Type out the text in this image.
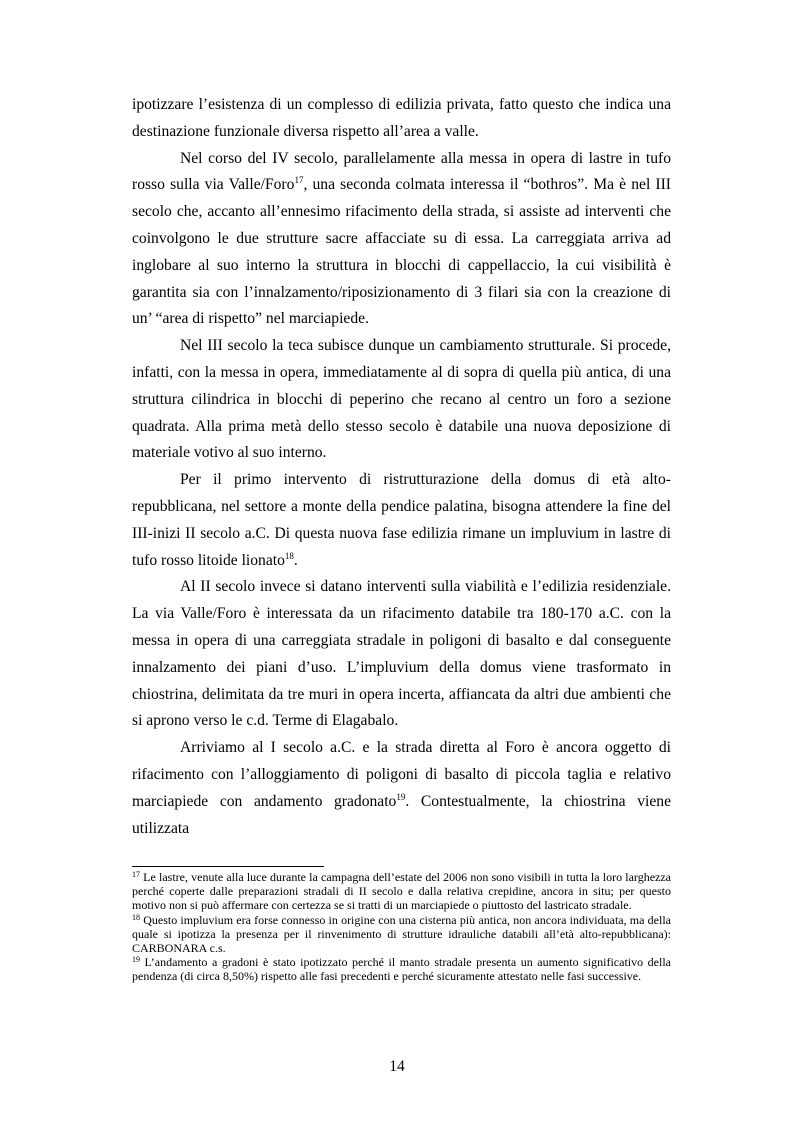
ipotizzare l’esistenza di un complesso di edilizia privata, fatto questo che indica una destinazione funzionale diversa rispetto all’area a valle.

Nel corso del IV secolo, parallelamente alla messa in opera di lastre in tufo rosso sulla via Valle/Foro$^{17}$, una seconda colmata interessa il “bothros”. Ma è nel III secolo che, accanto all’ennesimo rifacimento della strada, si assiste ad interventi che coinvolgono le due strutture sacre affacciate su di essa. La carreggiata arriva ad inglobare al suo interno la struttura in blocchi di cappellaccio, la cui visibilità è garantita sia con l’innalzamento/riposizionamento di 3 filari sia con la creazione di un’ “area di rispetto” nel marciapiede.

Nel III secolo la teca subisce dunque un cambiamento strutturale. Si procede, infatti, con la messa in opera, immediatamente al di sopra di quella più antica, di una struttura cilindrica in blocchi di peperino che recano al centro un foro a sezione quadrata. Alla prima metà dello stesso secolo è databile una nuova deposizione di materiale votivo al suo interno.

Per il primo intervento di ristrutturazione della domus di età alto-repubblicana, nel settore a monte della pendice palatina, bisogna attendere la fine del III-inizi II secolo a.C. Di questa nuova fase edilizia rimane un impluvium in lastre di tufo rosso litoide lionato$^{18}$.

Al II secolo invece si datano interventi sulla viabilità e l’edilizia residenziale. La via Valle/Foro è interessata da un rifacimento databile tra 180-170 a.C. con la messa in opera di una carreggiata stradale in poligoni di basalto e dal conseguente innalzamento dei piani d’uso. L’impluvium della domus viene trasformato in chiostrina, delimitata da tre muri in opera incerta, affiancata da altri due ambienti che si aprono verso le c.d. Terme di Elagabalo.

Arriviamo al I secolo a.C. e la strada diretta al Foro è ancora oggetto di rifacimento con l’alloggiamento di poligoni di basalto di piccola taglia e relativo marciapiede con andamento gradonato$^{19}$. Contestualmente, la chiostrina viene utilizzata

$^{17}$ Le lastre, venute alla luce durante la campagna dell’estate del 2006 non sono visibili in tutta la loro larghezza perché coperte dalle preparazioni stradali di II secolo e dalla relativa crepidine, ancora in situ; per questo motivo non si può affermare con certezza se si tratti di un marciapiede o piuttosto del lastricato stradale.

$^{18}$ Questo impluvium era forse connesso in origine con una cisterna più antica, non ancora individuata, ma della quale si ipotizza la presenza per il rinvenimento di strutture idrauliche databili all’età alto-repubblicana): CARBONARA c.s.

$^{19}$ L’andamento a gradoni è stato ipotizzato perché il manto stradale presenta un aumento significativo della pendenza (di circa 8,50%) rispetto alle fasi precedenti e perché sicuramente attestato nelle fasi successive.

14
